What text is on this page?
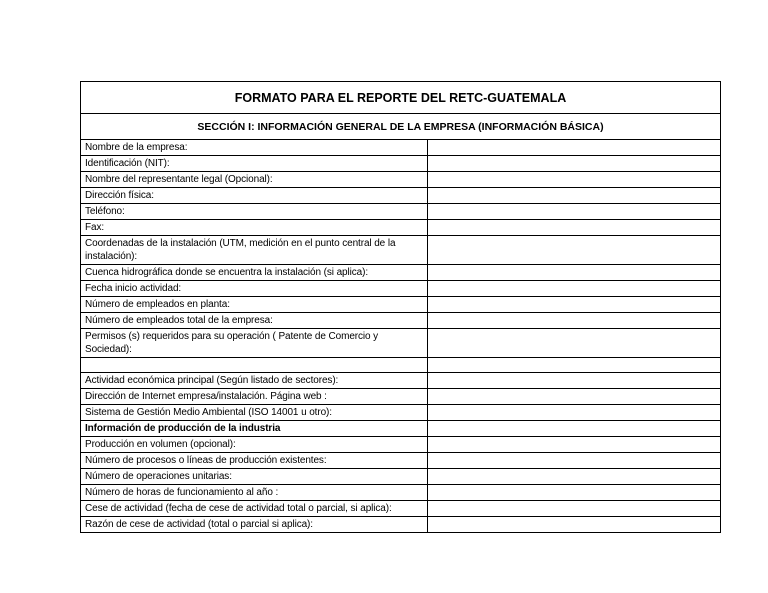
FORMATO PARA EL REPORTE DEL RETC-GUATEMALA
SECCIÓN I: INFORMACIÓN GENERAL DE LA EMPRESA (INFORMACIÓN BÁSICA)
Nombre de la empresa:
Identificación (NIT):
Nombre del representante legal (Opcional):
Dirección física:
Teléfono:
Fax:
Coordenadas de la instalación (UTM, medición en el punto central de la instalación):
Cuenca hidrográfica donde se encuentra la instalación (si aplica):
Fecha inicio actividad:
Número de empleados en planta:
Número de empleados total de la empresa:
Permisos (s) requeridos para su operación ( Patente de Comercio y Sociedad):
Actividad económica principal (Según listado de sectores):
Dirección de Internet empresa/instalación. Página web :
Sistema de Gestión Medio Ambiental (ISO 14001 u otro):
Información de producción de la industria
Producción en volumen (opcional):
Número de procesos o líneas de producción existentes:
Número de operaciones unitarias:
Número de horas de funcionamiento al año :
Cese de actividad (fecha de cese de actividad total o parcial, si aplica):
Razón de cese de actividad (total o parcial si aplica):
